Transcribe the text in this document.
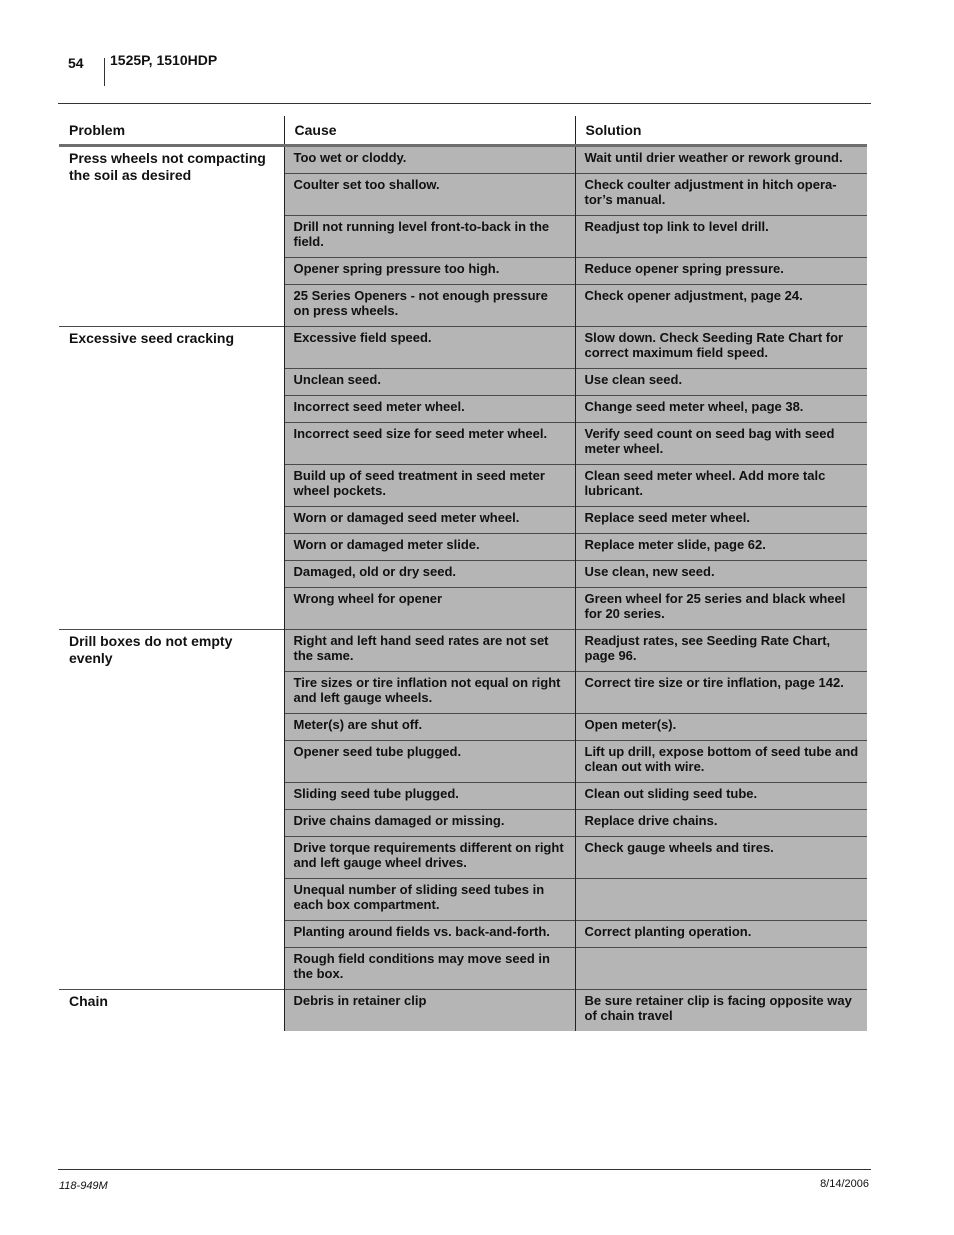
54 1525P, 1510HDP
Problem	Cause	Solution
Press wheels not compacting the soil as desired	Too wet or cloddy.	Wait until drier weather or rework ground.
	Coulter set too shallow.	Check coulter adjustment in hitch opera-tor’s manual.
	Drill not running level front-to-back in the field.	Readjust top link to level drill.
	Opener spring pressure too high.	Reduce opener spring pressure.
	25 Series Openers - not enough pressure on press wheels.	Check opener adjustment, page 24.
Excessive seed cracking	Excessive field speed.	Slow down. Check Seeding Rate Chart for correct maximum field speed.
	Unclean seed.	Use clean seed.
	Incorrect seed meter wheel.	Change seed meter wheel, page 38.
	Incorrect seed size for seed meter wheel.	Verify seed count on seed bag with seed meter wheel.
	Build up of seed treatment in seed meter wheel pockets.	Clean seed meter wheel. Add more talc lubricant.
	Worn or damaged seed meter wheel.	Replace seed meter wheel.
	Worn or damaged meter slide.	Replace meter slide, page 62.
	Damaged, old or dry seed.	Use clean, new seed.
	Wrong wheel for opener	Green wheel for 25 series and black wheel for 20 series.
Drill boxes do not empty evenly	Right and left hand seed rates are not set the same.	Readjust rates, see Seeding Rate Chart, page 96.
	Tire sizes or tire inflation not equal on right and left gauge wheels.	Correct tire size or tire inflation, page 142.
	Meter(s) are shut off.	Open meter(s).
	Opener seed tube plugged.	Lift up drill, expose bottom of seed tube and clean out with wire.
	Sliding seed tube plugged.	Clean out sliding seed tube.
	Drive chains damaged or missing.	Replace drive chains.
	Drive torque requirements different on right and left gauge wheel drives.	Check gauge wheels and tires.
	Unequal number of sliding seed tubes in each box compartment.	
	Planting around fields vs. back-and-forth.	Correct planting operation.
	Rough field conditions may move seed in the box.	
Chain	Debris in retainer clip	Be sure retainer clip is facing opposite way of chain travel
118-949M	8/14/2006
